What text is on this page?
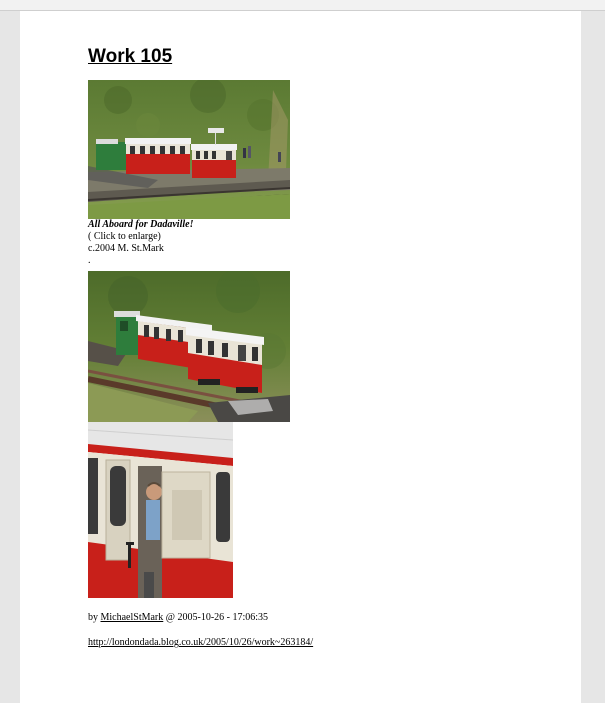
Work 105
All Aboard for Dadaville!
( Click to enlarge)
c.2004 M. St.Mark
.
by MichaelStMark @ 2005-10-26 - 17:06:35
http://londondada.blog.co.uk/2005/10/26/work~263184/
